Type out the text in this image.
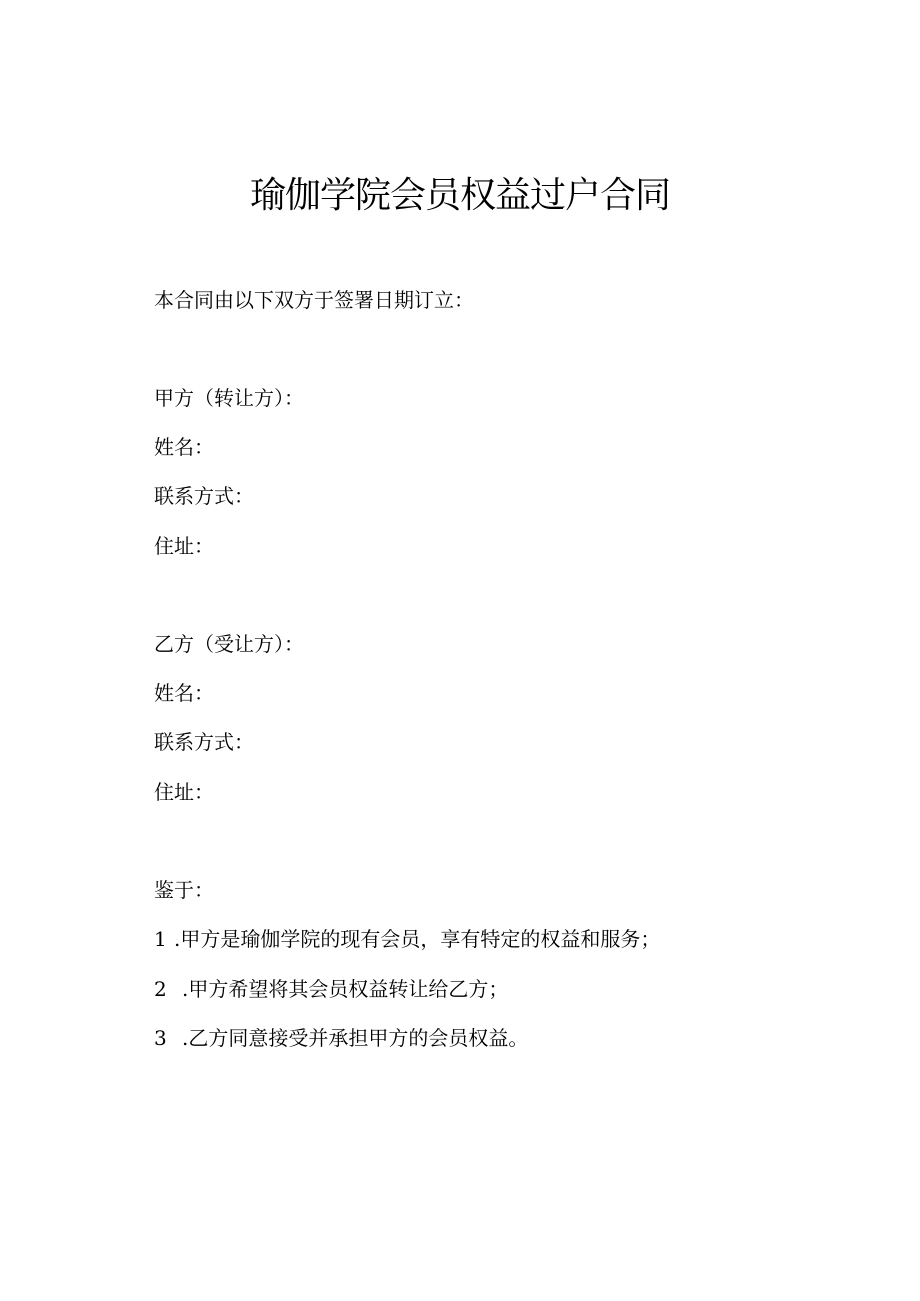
瑜伽学院会员权益过户合同
本合同由以下双方于签署日期订立：
甲方（转让方）：
姓名：
联系方式：
住址：
乙方（受让方）：
姓名：
联系方式：
住址：
鉴于：
1 .甲方是瑜伽学院的现有会员，享有特定的权益和服务；
2 .甲方希望将其会员权益转让给乙方；
3 .乙方同意接受并承担甲方的会员权益。
